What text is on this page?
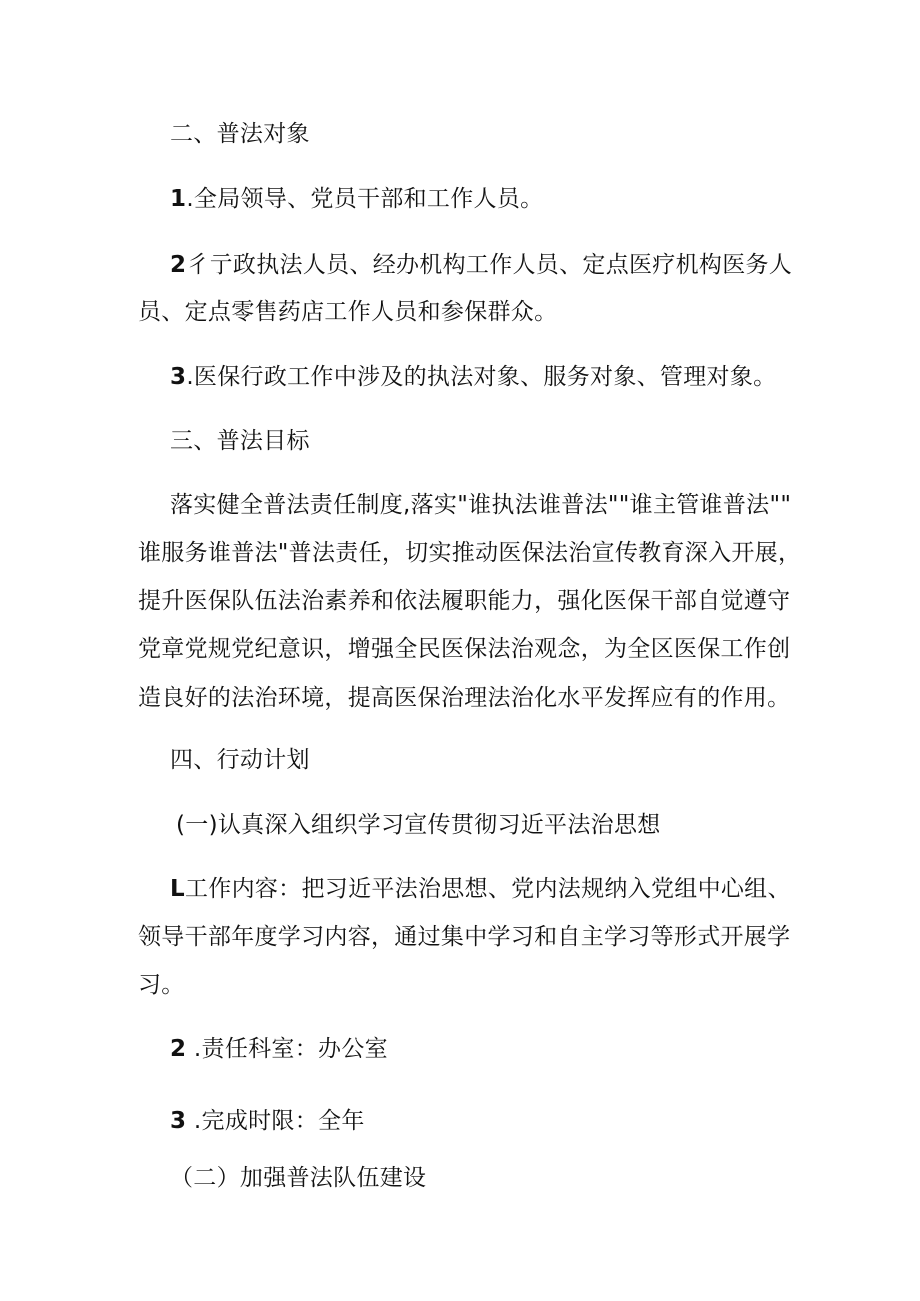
二、普法对象
1.全局领导、党员干部和工作人员。
2彳亍政执法人员、经办机构工作人员、定点医疗机构医务人
员、定点零售药店工作人员和参保群众。
3.医保行政工作中涉及的执法对象、服务对象、管理对象。
三、普法目标
落实健全普法责任制度,落实"谁执法谁普法""谁主管谁普法""
谁服务谁普法"普法责任，切实推动医保法治宣传教育深入开展，
提升医保队伍法治素养和依法履职能力，强化医保干部自觉遵守
党章党规党纪意识，增强全民医保法治观念，为全区医保工作创
造良好的法治环境，提高医保治理法治化水平发挥应有的作用。
四、行动计划
(一)认真深入组织学习宣传贯彻习近平法治思想
L工作内容：把习近平法治思想、党内法规纳入党组中心组、
领导干部年度学习内容，通过集中学习和自主学习等形式开展学
习。
2 .责任科室：办公室
3 .完成时限：全年
（二）加强普法队伍建设
